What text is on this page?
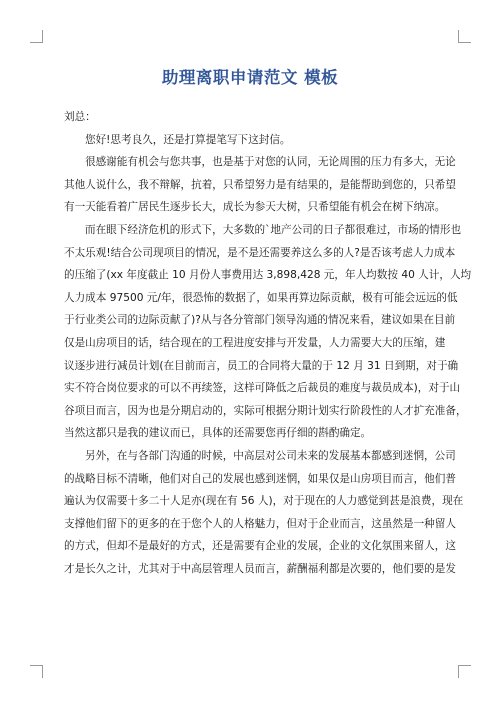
助理离职申请范文 模板

刘总：

您好!思考良久，还是打算提笔写下这封信。

很感谢能有机会与您共事，也是基于对您的认同，无论周围的压力有多大，无论

其他人说什么，我不辩解，抗着，只希望努力是有结果的，是能帮助到您的，只希望

有一天能看着广居民生逐步长大，成长为参天大树，只希望能有机会在树下纳凉。

而在眼下经济危机的形式下，大多数的`地产公司的日子都很难过，市场的情形也

不太乐观!结合公司现项目的情况，是不是还需要养这么多的人?是否该考虑人力成本

的压缩了(xx 年度截止 10 月份人事费用达 3,898,428 元，年人均数按 40 人计，人均

人力成本 97500 元/年，很恐怖的数据了，如果再算边际贡献，极有可能会远远的低

于行业类公司的边际贡献了)?从与各分管部门领导沟通的情况来看，建议如果在目前

仅是山房项目的话，结合现在的工程进度安排与开发量，人力需要大大的压缩，建

议逐步进行减员计划(在目前而言，员工的合同将大量的于 12 月 31 日到期，对于确

实不符合岗位要求的可以不再续签，这样可降低之后裁员的难度与裁员成本)，对于山

谷项目而言，因为也是分期启动的，实际可根据分期计划实行阶段性的人才扩充准备，

当然这都只是我的建议而已，具体的还需要您再仔细的斟酌确定。

另外，在与各部门沟通的时候，中高层对公司未来的发展基本都感到迷惘，公司

的战略目标不清晰，他们对自己的发展也感到迷惘，如果仅是山房项目而言，他们普

遍认为仅需要十多二十人足亦(现在有 56 人)，对于现在的人力感觉到甚是浪费，现在

支撑他们留下的更多的在于您个人的人格魅力，但对于企业而言，这虽然是一种留人

的方式，但却不是最好的方式，还是需要有企业的发展，企业的文化氛围来留人，这

才是长久之计，尤其对于中高层管理人员而言，薪酬福利都是次要的，他们要的是发
